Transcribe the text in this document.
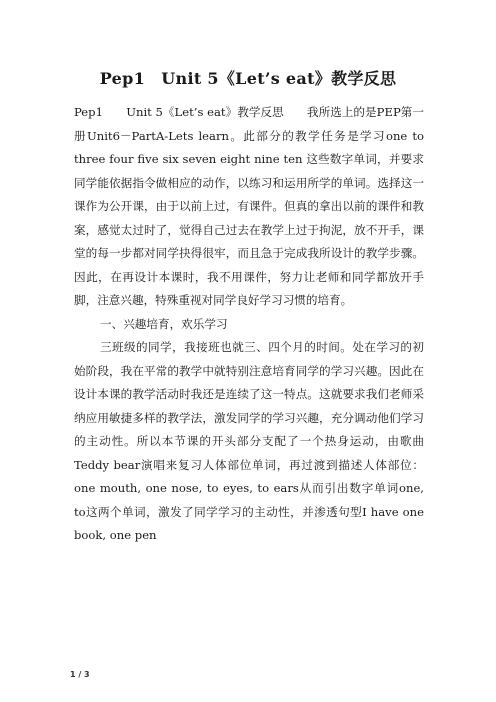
Pep1　Unit 5《Let’s eat》教学反思

Pep1　　Unit 5《Let’s eat》教学反思　　我所选上的是PEP第一册Unit6－PartA-Lets learn。此部分的教学任务是学习one to three four five six seven eight nine ten 这些数字单词，并要求同学能依据指令做相应的动作，以练习和运用所学的单词。选择这一课作为公开课，由于以前上过，有课件。但真的拿出以前的课件和教案，感觉太过时了，觉得自己过去在教学上过于拘泥，放不开手，课堂的每一步都对同学抉得很牢，而且急于完成我所设计的教学步骤。因此，在再设计本课时，我不用课件，努力让老师和同学都放开手脚，注意兴趣，特殊重视对同学良好学习习惯的培育。

一、兴趣培育，欢乐学习

三班级的同学，我接班也就三、四个月的时间。处在学习的初始阶段，我在平常的教学中就特别注意培育同学的学习兴趣。因此在设计本课的教学活动时我还是连续了这一特点。这就要求我们老师采纳应用敏捷多样的教学法，激发同学的学习兴趣，充分调动他们学习的主动性。所以本节课的开头部分支配了一个热身运动，由歌曲Teddy bear演唱来复习人体部位单词，再过渡到描述人体部位：one mouth, one nose, to eyes, to ears从而引出数字单词one, to这两个单词，激发了同学学习的主动性，并渗透句型I have one book, one pen

1 / 3
